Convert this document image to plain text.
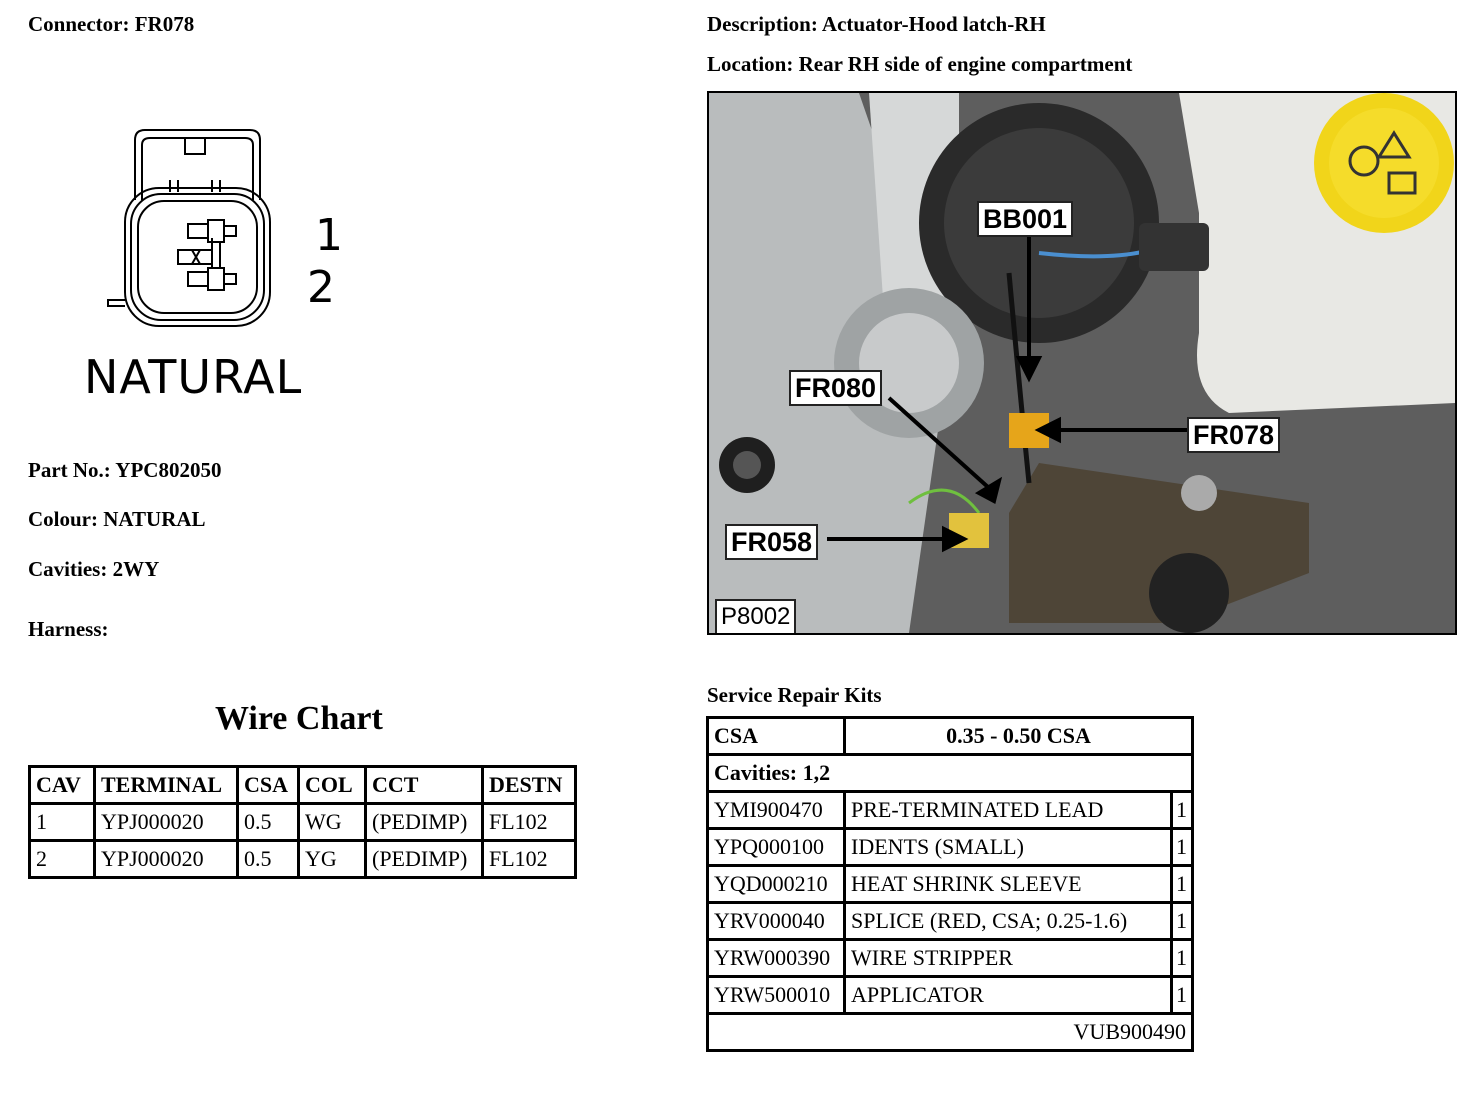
Connector: FR078	Description: Actuator-Hood latch-RH
Location: Rear RH side of engine compartment
1
2
NATURAL
Part No.: YPC802050
Colour: NATURAL
Cavities: 2WY
Harness:
BB001
FR080
FR078
FR058
P8002
Wire Chart
CAV	TERMINAL	CSA	COL	CCT	DESTN
1	YPJ000020	0.5	WG	(PEDIMP)	FL102
2	YPJ000020	0.5	YG	(PEDIMP)	FL102
Service Repair Kits
CSA	0.35 - 0.50 CSA	
Cavities: 1,2		
YMI900470	PRE-TERMINATED LEAD	1
YPQ000100	IDENTS (SMALL)	1
YQD000210	HEAT SHRINK SLEEVE	1
YRV000040	SPLICE (RED, CSA; 0.25-1.6)	1
YRW000390	WIRE STRIPPER	1
YRW500010	APPLICATOR	1
VUB900490		
